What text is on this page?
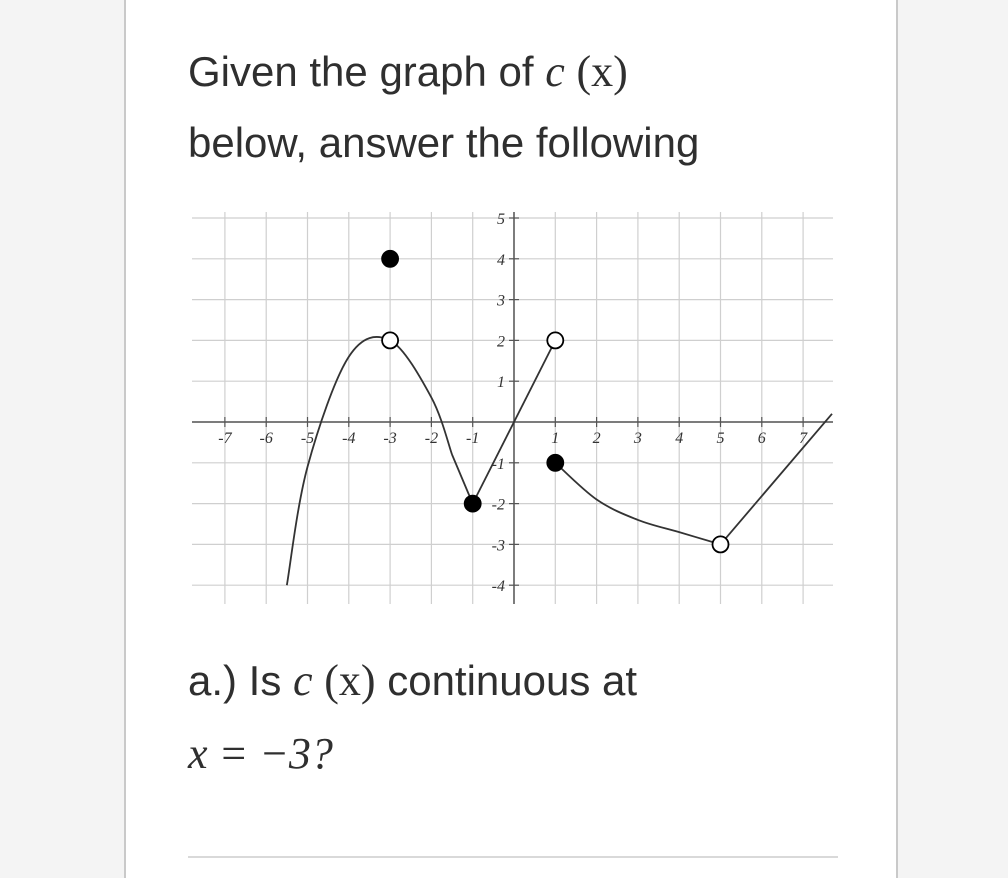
Given the graph of c (x)
below, answer the following

-7 -6 -5 -4 -3 -2 -1	1 2 3 4 5 6 7
5
4
3
2
1
-1
-2
-3
-4

a.) Is c (x) continuous at
x = −3?
